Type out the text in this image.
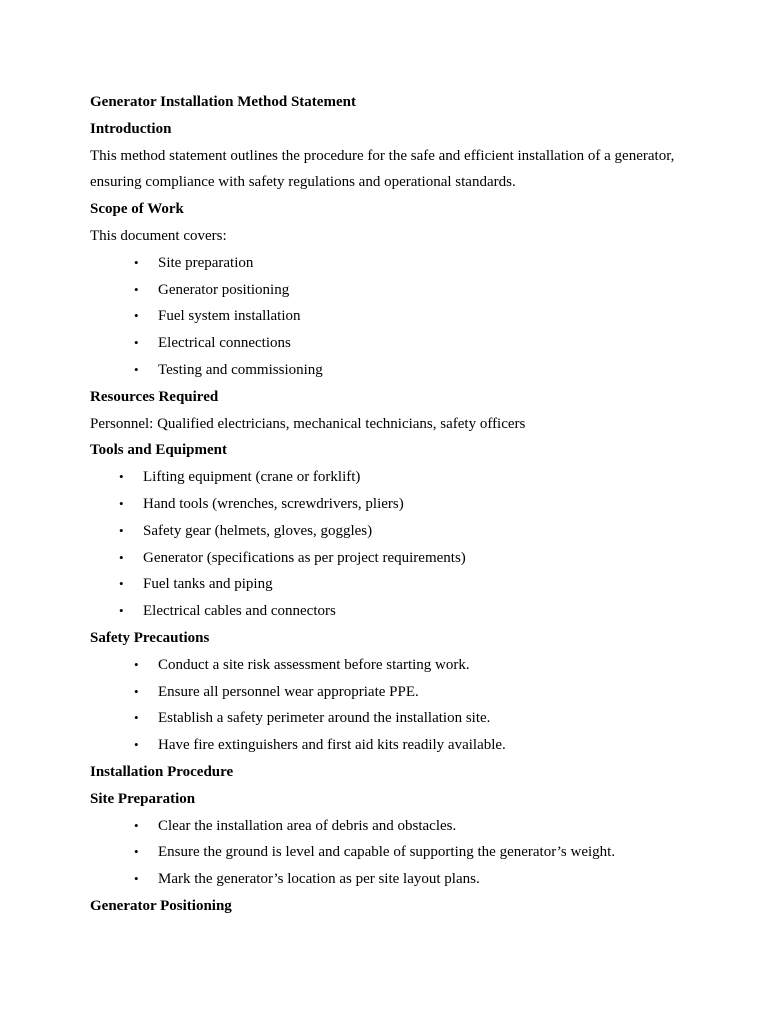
Generator Installation Method Statement
Introduction
This method statement outlines the procedure for the safe and efficient installation of a generator,
ensuring compliance with safety regulations and operational standards.
Scope of Work
This document covers:
• Site preparation
• Generator positioning
• Fuel system installation
• Electrical connections
• Testing and commissioning
Resources Required
Personnel: Qualified electricians, mechanical technicians, safety officers
Tools and Equipment
• Lifting equipment (crane or forklift)
• Hand tools (wrenches, screwdrivers, pliers)
• Safety gear (helmets, gloves, goggles)
• Generator (specifications as per project requirements)
• Fuel tanks and piping
• Electrical cables and connectors
Safety Precautions
• Conduct a site risk assessment before starting work.
• Ensure all personnel wear appropriate PPE.
• Establish a safety perimeter around the installation site.
• Have fire extinguishers and first aid kits readily available.
Installation Procedure
Site Preparation
• Clear the installation area of debris and obstacles.
• Ensure the ground is level and capable of supporting the generator’s weight.
• Mark the generator’s location as per site layout plans.
Generator Positioning
